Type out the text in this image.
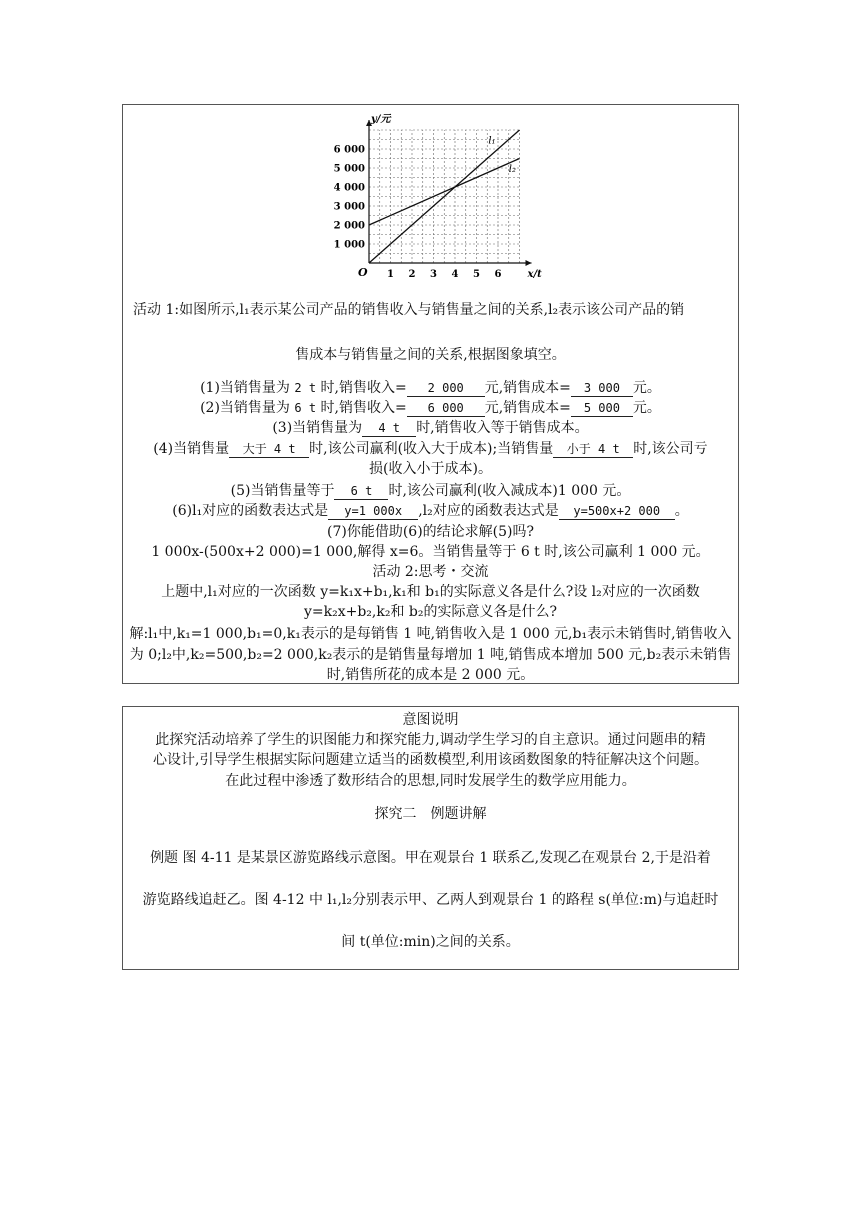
x/t
y/元
O 1 2 3 4 5 6
1 000
2 000
3 000
4 000
5 000
6 000
l₁
l₂
活动 1:如图所示,l₁表示某公司产品的销售收入与销售量之间的关系,l₂表示该公司产品的销
售成本与销售量之间的关系,根据图象填空。
(1)当销售量为 2 t 时,销售收入= 2 000 元,销售成本= 3 000 元。
(2)当销售量为 6 t 时,销售收入= 6 000 元,销售成本= 5 000 元。
(3)当销售量为 4 t 时,销售收入等于销售成本。
(4)当销售量 大于 4 t 时,该公司赢利(收入大于成本);当销售量 小于 4 t 时,该公司亏
损(收入小于成本)。
(5)当销售量等于 6 t 时,该公司赢利(收入减成本)1 000 元。
(6)l₁对应的函数表达式是 y=1 000x ,l₂对应的函数表达式是 y=500x+2 000 。
(7)你能借助(6)的结论求解(5)吗?
1 000x-(500x+2 000)=1 000,解得 x=6。当销售量等于 6 t 时,该公司赢利 1 000 元。
活动 2:思考・交流
上题中,l₁对应的一次函数 y=k₁x+b₁,k₁和 b₁的实际意义各是什么?设 l₂对应的一次函数
y=k₂x+b₂,k₂和 b₂的实际意义各是什么?
解:l₁中,k₁=1 000,b₁=0,k₁表示的是每销售 1 吨,销售收入是 1 000 元,b₁表示未销售时,销售收入
为 0;l₂中,k₂=500,b₂=2 000,k₂表示的是销售量每增加 1 吨,销售成本增加 500 元,b₂表示未销售
时,销售所花的成本是 2 000 元。
意图说明
此探究活动培养了学生的识图能力和探究能力,调动学生学习的自主意识。通过问题串的精
心设计,引导学生根据实际问题建立适当的函数模型,利用该函数图象的特征解决这个问题。
在此过程中渗透了数形结合的思想,同时发展学生的数学应用能力。
探究二　例题讲解
例题 图 4-11 是某景区游览路线示意图。甲在观景台 1 联系乙,发现乙在观景台 2,于是沿着
游览路线追赶乙。图 4-12 中 l₁,l₂分别表示甲、乙两人到观景台 1 的路程 s(单位:m)与追赶时
间 t(单位:min)之间的关系。
